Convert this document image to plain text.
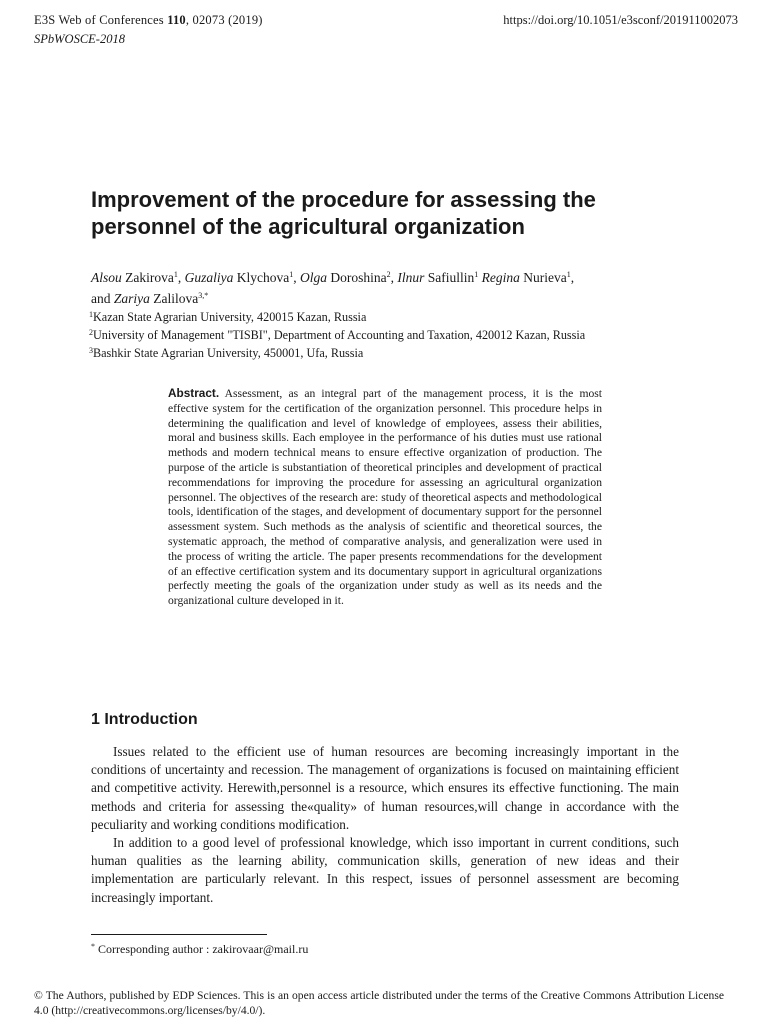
E3S Web of Conferences 110, 02073 (2019)	https://doi.org/10.1051/e3sconf/201911002073
SPbWOSCE-2018
Improvement of the procedure for assessing the personnel of the agricultural organization
Alsou Zakirova$^1$, Guzaliya Klychova$^1$, Olga Doroshina$^2$, Ilnur Safiullin$^1$ Regina Nurieva$^1$,
and Zariya Zalilova$^{3,*}$
$^1$Kazan State Agrarian University, 420015 Kazan, Russia
$^2$University of Management "TISBI", Department of Accounting and Taxation, 420012 Kazan, Russia
$^3$Bashkir State Agrarian University, 450001, Ufa, Russia
Abstract. Assessment, as an integral part of the management process, it is the most effective system for the certification of the organization personnel. This procedure helps in determining the qualification and level of knowledge of employees, assess their abilities, moral and business skills. Each employee in the performance of his duties must use rational methods and modern technical means to ensure effective organization of production. The purpose of the article is substantiation of theoretical principles and development of practical recommendations for improving the procedure for assessing an agricultural organization personnel. The objectives of the research are: study of theoretical aspects and methodological tools, identification of the stages, and development of documentary support for the personnel assessment system. Such methods as the analysis of scientific and theoretical sources, the systematic approach, the method of comparative analysis, and generalization were used in the process of writing the article. The paper presents recommendations for the development of an effective certification system and its documentary support in agricultural organizations perfectly meeting the goals of the organization under study as well as its needs and the organizational culture developed in it.
1 Introduction

Issues related to the efficient use of human resources are becoming increasingly important in the conditions of uncertainty and recession. The management of organizations is focused on maintaining efficient and competitive activity. Herewith,personnel is a resource, which ensures its effective functioning. The main methods and criteria for assessing the«quality» of human resources,will change in accordance with the peculiarity and working conditions modification.

In addition to a good level of professional knowledge, which isso important in current conditions, such human qualities as the learning ability, communication skills, generation of new ideas and their implementation are particularly relevant. In this respect, issues of personnel assessment are becoming increasingly important.

* Corresponding author : zakirovaar@mail.ru
© The Authors, published by EDP Sciences. This is an open access article distributed under the terms of the Creative Commons Attribution License 4.0 (http://creativecommons.org/licenses/by/4.0/).
